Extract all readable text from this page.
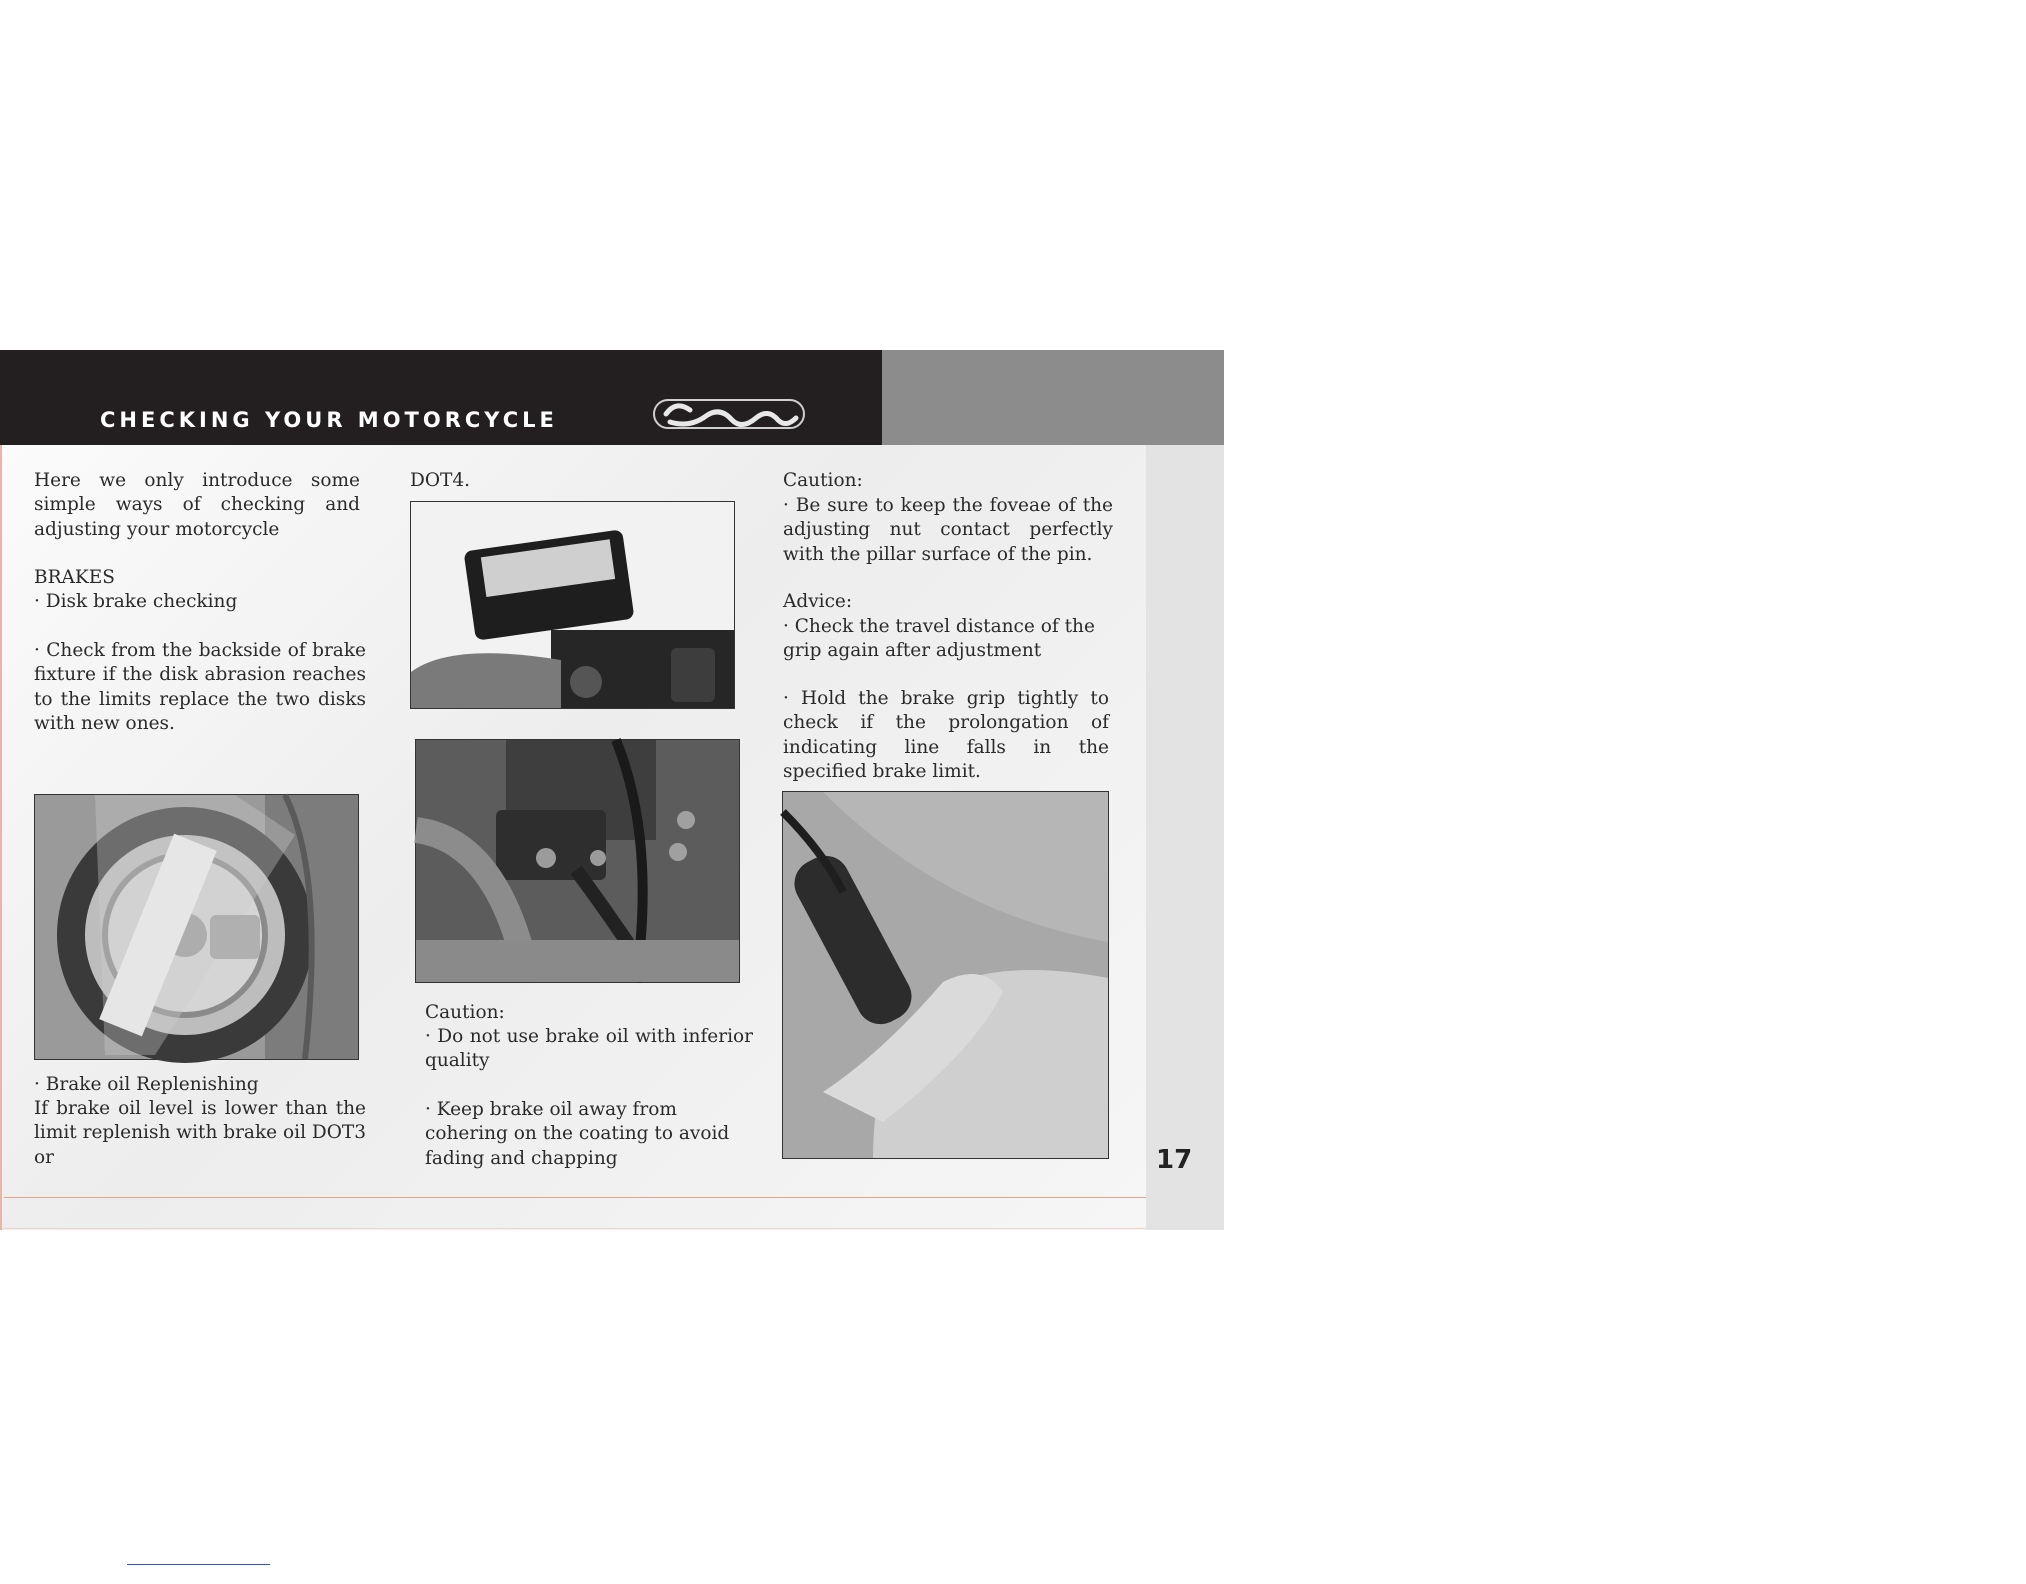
CHECKING YOUR MOTORCYCLE	KEEWAY

Here we only introduce some simple ways of checking and adjusting your motorcycle

BRAKES

· Disk brake checking

· Check from the backside of brake fixture if the disk abrasion reaches to the limits replace the two disks with new ones.

· Brake oil Replenishing

If brake oil level is lower than the limit replenish with brake oil DOT3 or

DOT4.

Caution:

· Do not use brake oil with inferior quality

· Keep brake oil away from cohering on the coating to avoid fading and chapping

Caution:

· Be sure to keep the foveae of the adjusting nut contact perfectly with the pillar surface of the pin.

Advice:

· Check the travel distance of the grip again after adjustment

· Hold the brake grip tightly to check if the prolongation of indicating line falls in the specified brake limit.

17
